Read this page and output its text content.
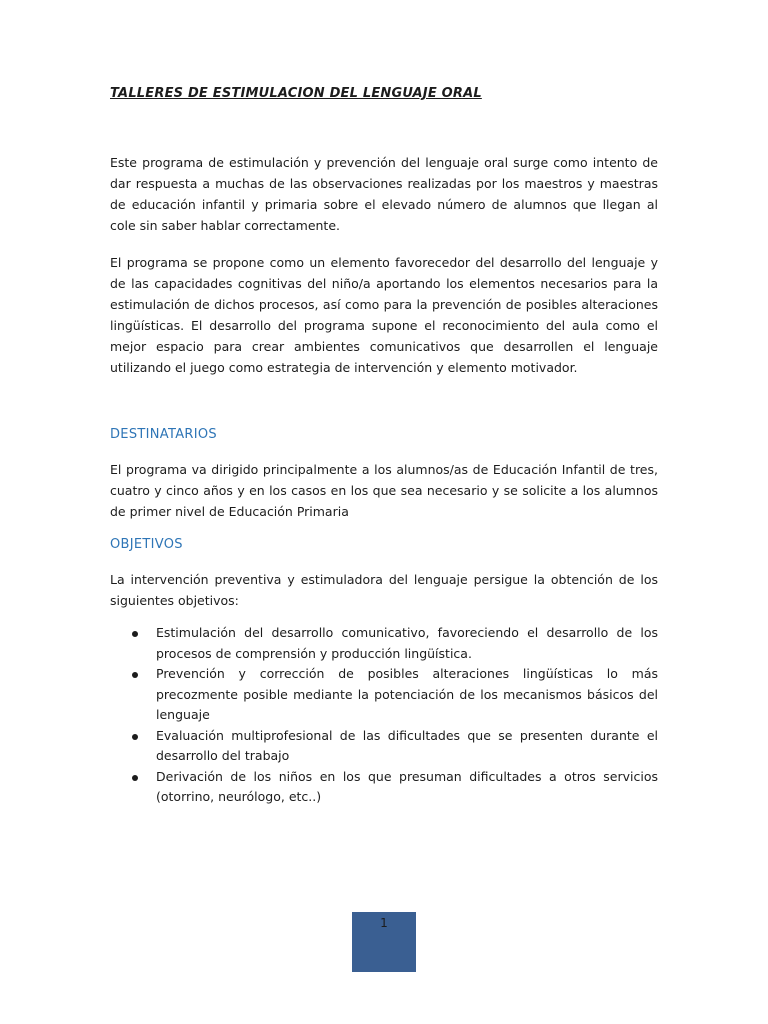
TALLERES DE ESTIMULACION DEL LENGUAJE ORAL

Este programa de estimulación y prevención del lenguaje oral surge como intento de dar respuesta a muchas de las observaciones realizadas por los maestros y maestras de educación infantil y primaria sobre el elevado número de alumnos que llegan al cole sin saber hablar correctamente.

El programa se propone como un elemento favorecedor del desarrollo del lenguaje y de las capacidades cognitivas del niño/a aportando los elementos necesarios para la estimulación de dichos procesos, así como para la prevención de posibles alteraciones lingüísticas. El desarrollo del programa supone el reconocimiento del aula como el mejor espacio para crear ambientes comunicativos que desarrollen el lenguaje utilizando el juego como estrategia de intervención y elemento motivador.

DESTINATARIOS

El programa va dirigido principalmente a los alumnos/as de Educación Infantil de tres, cuatro y cinco años y en los casos en los que sea necesario y se solicite a los alumnos de primer nivel de Educación Primaria

OBJETIVOS

La intervención preventiva y estimuladora del lenguaje persigue la obtención de los siguientes objetivos:

Estimulación del desarrollo comunicativo, favoreciendo el desarrollo de los procesos de comprensión y producción lingüística.
Prevención y corrección de posibles alteraciones lingüísticas lo más precozmente posible mediante la potenciación de los mecanismos básicos del lenguaje
Evaluación multiprofesional de las dificultades que se presenten durante el desarrollo del trabajo
Derivación de los niños en los que presuman dificultades a otros servicios (otorrino, neurólogo, etc..)
1
